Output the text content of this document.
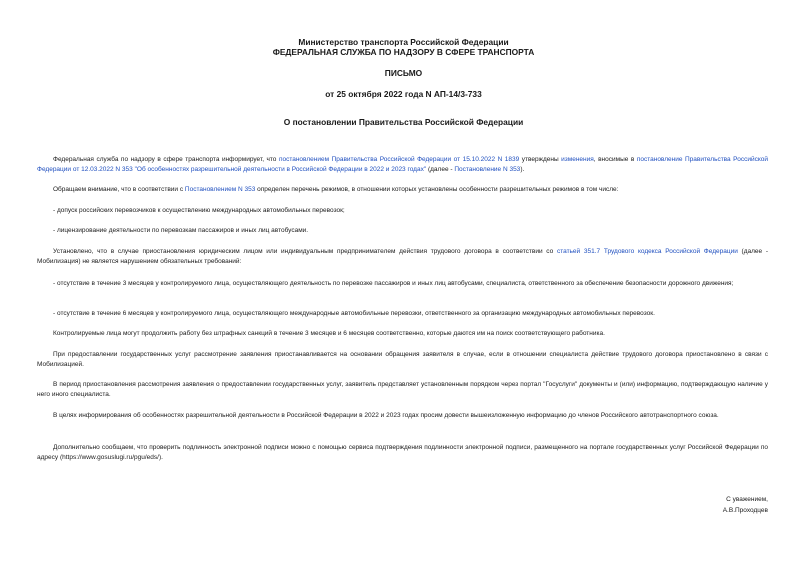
Министерство транспорта Российской Федерации
ФЕДЕРАЛЬНАЯ СЛУЖБА ПО НАДЗОРУ В СФЕРЕ ТРАНСПОРТА
ПИСЬМО
от 25 октября 2022 года N АП-14/3-733
О постановлении Правительства Российской Федерации

Федеральная служба по надзору в сфере транспорта информирует, что постановлением Правительства Российской Федерации от 15.10.2022 N 1839 утверждены изменения, вносимые в постановление Правительства Российской Федерации от 12.03.2022 N 353 "Об особенностях разрешительной деятельности в Российской Федерации в 2022 и 2023 годах" (далее - Постановление N 353).

Обращаем внимание, что в соответствии с Постановлением N 353 определен перечень режимов, в отношении которых установлены особенности разрешительных режимов в том числе:

- допуск российских перевозчиков к осуществлению международных автомобильных перевозок;

- лицензирование деятельности по перевозкам пассажиров и иных лиц автобусами.

Установлено, что в случае приостановления юридическим лицом или индивидуальным предпринимателем действия трудового договора в соответствии со статьей 351.7 Трудового кодекса Российской Федерации (далее - Мобилизация) не является нарушением обязательных требований:

- отсутствие в течение 3 месяцев у контролируемого лица, осуществляющего деятельность по перевозке пассажиров и иных лиц автобусами, специалиста, ответственного за обеспечение безопасности дорожного движения;

- отсутствие в течение 6 месяцев у контролируемого лица, осуществляющего международные автомобильные перевозки, ответственного за организацию международных автомобильных перевозок.

Контролируемые лица могут продолжить работу без штрафных санкций в течение 3 месяцев и 6 месяцев соответственно, которые даются им на поиск соответствующего работника.

При предоставлении государственных услуг рассмотрение заявления приостанавливается на основании обращения заявителя в случае, если в отношении специалиста действие трудового договора приостановлено в связи с Мобилизацией.

В период приостановления рассмотрения заявления о предоставлении государственных услуг, заявитель представляет установленным порядком через портал "Госуслуги" документы и (или) информацию, подтверждающую наличие у него иного специалиста.

В целях информирования об особенностях разрешительной деятельности в Российской Федерации в 2022 и 2023 годах просим довести вышеизложенную информацию до членов Российского автотранспортного союза.

Дополнительно сообщаем, что проверить подлинность электронной подписи можно с помощью сервиса подтверждения подлинности электронной подписи, размещенного на портале государственных услуг Российской Федерации по адресу (https://www.gosuslugi.ru/pgu/eds/).

С уважением,
А.В.Проходцев
